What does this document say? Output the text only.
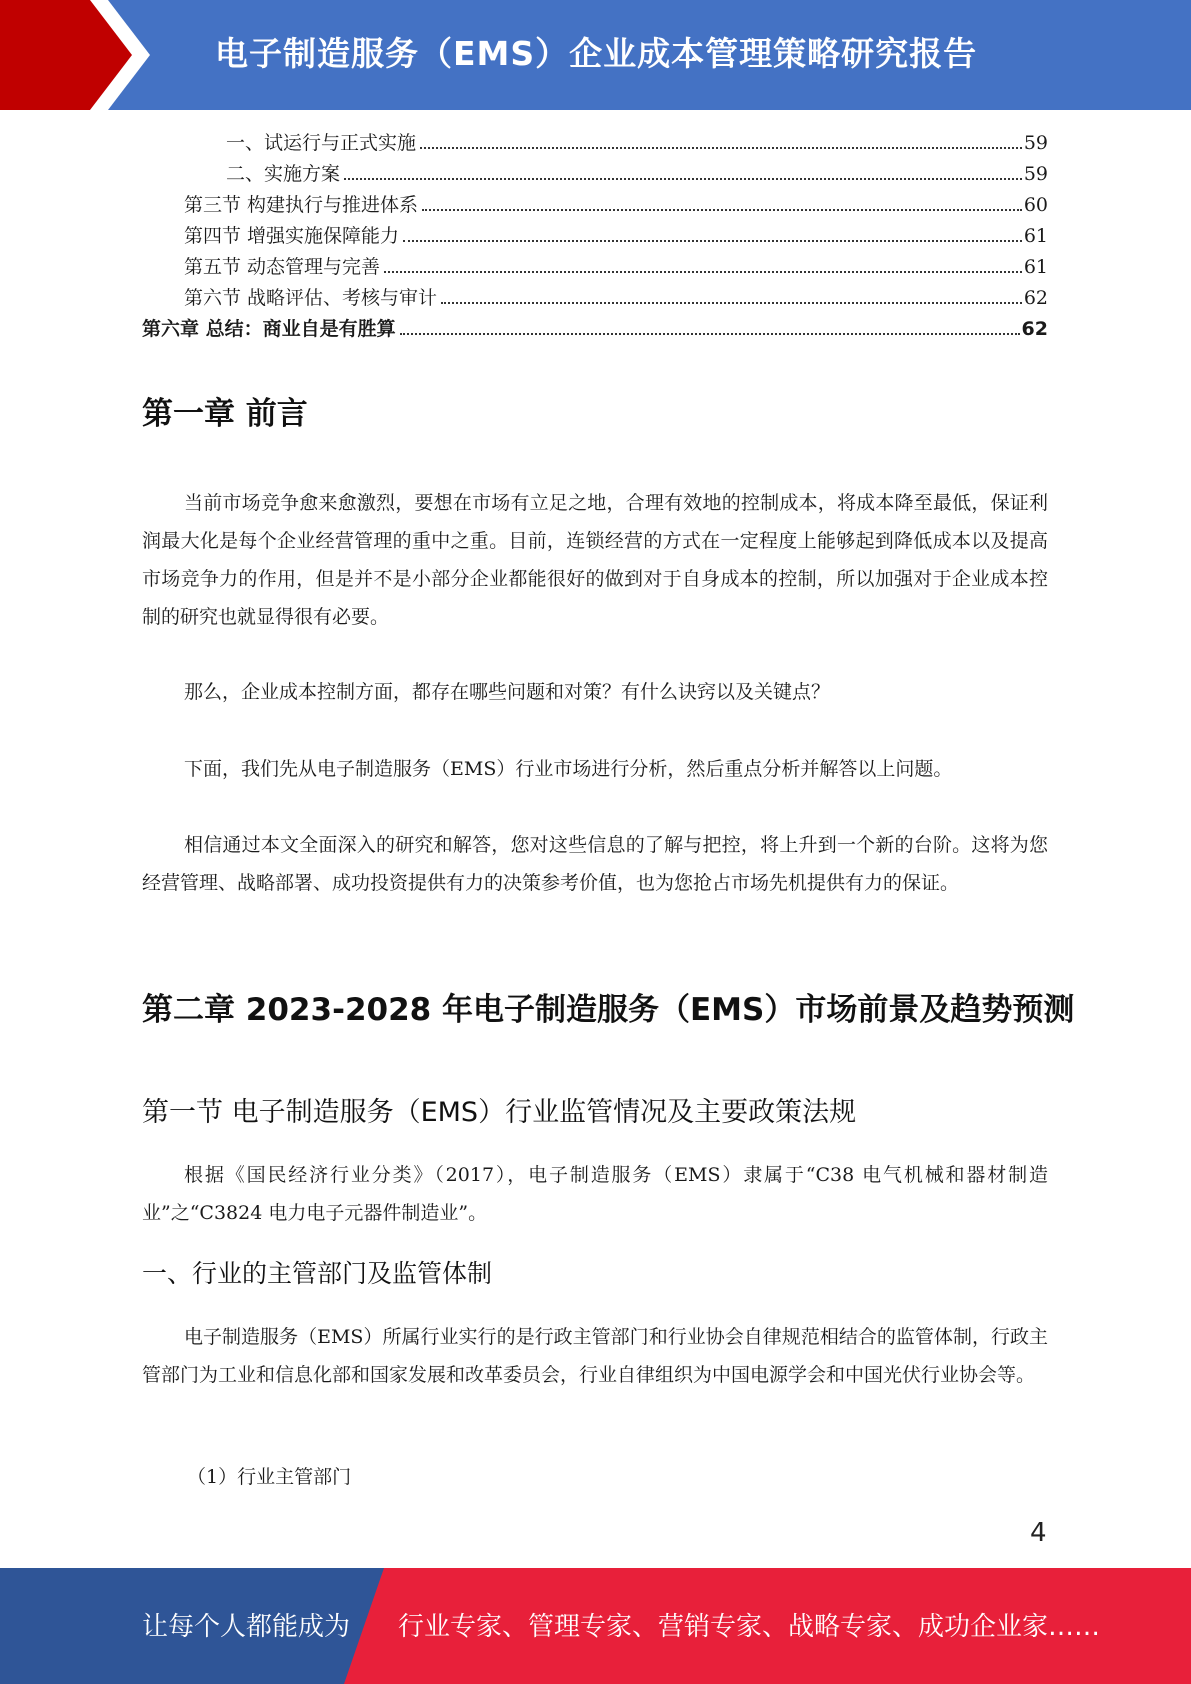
电子制造服务（EMS）企业成本管理策略研究报告
一、试运行与正式实施	59
二、实施方案	59
第三节 构建执行与推进体系	60
第四节 增强实施保障能力	61
第五节 动态管理与完善	61
第六节 战略评估、考核与审计	62
第六章 总结：商业自是有胜算	62
第一章 前言

当前市场竞争愈来愈激烈，要想在市场有立足之地，合理有效地的控制成本，将成本降至最低，保证利润最大化是每个企业经营管理的重中之重。目前，连锁经营的方式在一定程度上能够起到降低成本以及提高市场竞争力的作用，但是并不是小部分企业都能很好的做到对于自身成本的控制，所以加强对于企业成本控制的研究也就显得很有必要。

那么，企业成本控制方面，都存在哪些问题和对策？有什么诀窍以及关键点？

下面，我们先从电子制造服务（EMS）行业市场进行分析，然后重点分析并解答以上问题。

相信通过本文全面深入的研究和解答，您对这些信息的了解与把控，将上升到一个新的台阶。这将为您经营管理、战略部署、成功投资提供有力的决策参考价值，也为您抢占市场先机提供有力的保证。

第二章 2023-2028 年电子制造服务（EMS）市场前景及趋势预测
第一节 电子制造服务（EMS）行业监管情况及主要政策法规

根据《国民经济行业分类》（2017），电子制造服务（EMS）隶属于“C38 电气机械和器材制造业”之“C3824 电力电子元器件制造业”。

一、行业的主管部门及监管体制

电子制造服务（EMS）所属行业实行的是行政主管部门和行业协会自律规范相结合的监管体制，行政主管部门为工业和信息化部和国家发展和改革委员会，行业自律组织为中国电源学会和中国光伏行业协会等。

（1）行业主管部门
4
让每个人都能成为 行业专家、管理专家、营销专家、战略专家、成功企业家……
